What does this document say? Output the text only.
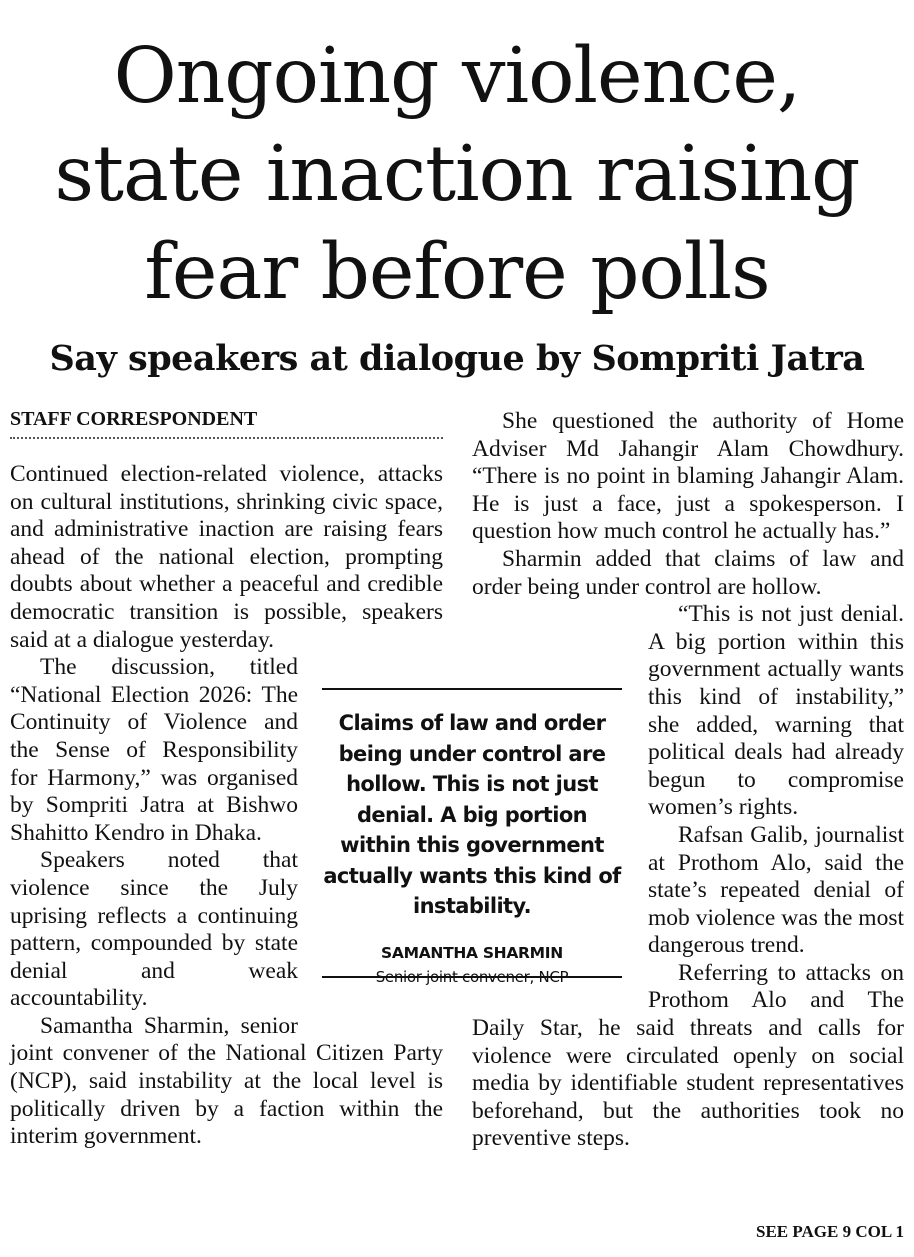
Ongoing violence,
state inaction raising
fear before polls
Say speakers at dialogue by Sompriti Jatra
STAFF CORRESPONDENT

Continued election-related violence, attacks on cultural institutions, shrinking civic space, and administrative inaction are raising fears ahead of the national election, prompting doubts about whether a peaceful and credible democratic transition is possible, speakers said at a dialogue yesterday.

The discussion, titled “National Election 2026: The Continuity of Violence and the Sense of Responsibility for Harmony,” was organised by Sompriti Jatra at Bishwo Shahitto Kendro in Dhaka.

Speakers noted that violence since the July uprising reflects a continuing pattern, compounded by state denial and weak accountability.

Samantha Sharmin, senior joint convener of the National Citizen Party (NCP), said instability at the local level is politically driven by a faction within the interim government.

She questioned the authority of Home Adviser Md Jahangir Alam Chowdhury. “There is no point in blaming Jahangir Alam. He is just a face, just a spokesperson. I question how much control he actually has.”

Sharmin added that claims of law and order being under control are hollow.

“This is not just denial. A big portion within this government actually wants this kind of instability,” she added, warning that political deals had already begun to compromise women’s rights.

Rafsan Galib, journalist at Prothom Alo, said the state’s repeated denial of mob violence was the most dangerous trend.

Referring to attacks on Prothom Alo and The Daily Star, he said threats and calls for violence were circulated openly on social media by identifiable student representatives beforehand, but the authorities took no preventive steps.

Claims of law and order being under control are hollow. This is not just denial. A big portion within this government actually wants this kind of instability.

SAMANTHA SHARMIN
Senior joint convener, NCP
SEE PAGE 9 COL 1
